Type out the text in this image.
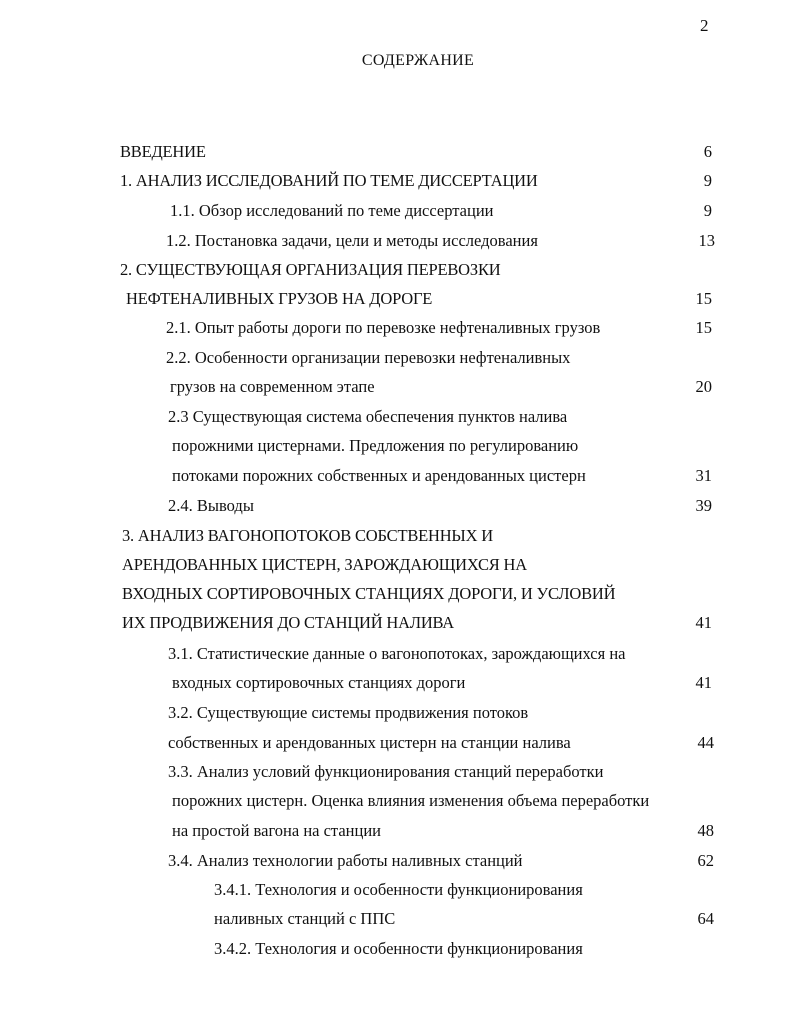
2
СОДЕРЖАНИЕ
ВВЕДЕНИЕ	6
1. АНАЛИЗ ИССЛЕДОВАНИЙ ПО ТЕМЕ ДИССЕРТАЦИИ	9
1.1. Обзор исследований по теме диссертации	9
1.2. Постановка задачи, цели и методы исследования	13
2. СУЩЕСТВУЮЩАЯ ОРГАНИЗАЦИЯ ПЕРЕВОЗКИ
НЕФТЕНАЛИВНЫХ ГРУЗОВ НА ДОРОГЕ	15
2.1. Опыт работы дороги по перевозке нефтеналивных грузов	15
2.2. Особенности организации перевозки нефтеналивных
грузов на современном этапе	20
2.3 Существующая система обеспечения пунктов налива
порожними цистернами. Предложения по регулированию
потоками порожних собственных и арендованных цистерн	31
2.4. Выводы	39
3. АНАЛИЗ ВАГОНОПОТОКОВ СОБСТВЕННЫХ И
АРЕНДОВАННЫХ ЦИСТЕРН, ЗАРОЖДАЮЩИХСЯ НА
ВХОДНЫХ СОРТИРОВОЧНЫХ СТАНЦИЯХ ДОРОГИ, И УСЛОВИЙ
ИХ ПРОДВИЖЕНИЯ ДО СТАНЦИЙ НАЛИВА	41
3.1. Статистические данные о вагонопотоках, зарождающихся на
входных сортировочных станциях дороги	41
3.2. Существующие системы продвижения потоков
собственных и арендованных цистерн на станции налива	44
3.3. Анализ условий функционирования станций переработки
порожних цистерн. Оценка влияния изменения объема переработки
на простой вагона на станции	48
3.4. Анализ технологии работы наливных станций	62
3.4.1. Технология и особенности функционирования
наливных станций с ППС	64
3.4.2. Технология и особенности функционирования
